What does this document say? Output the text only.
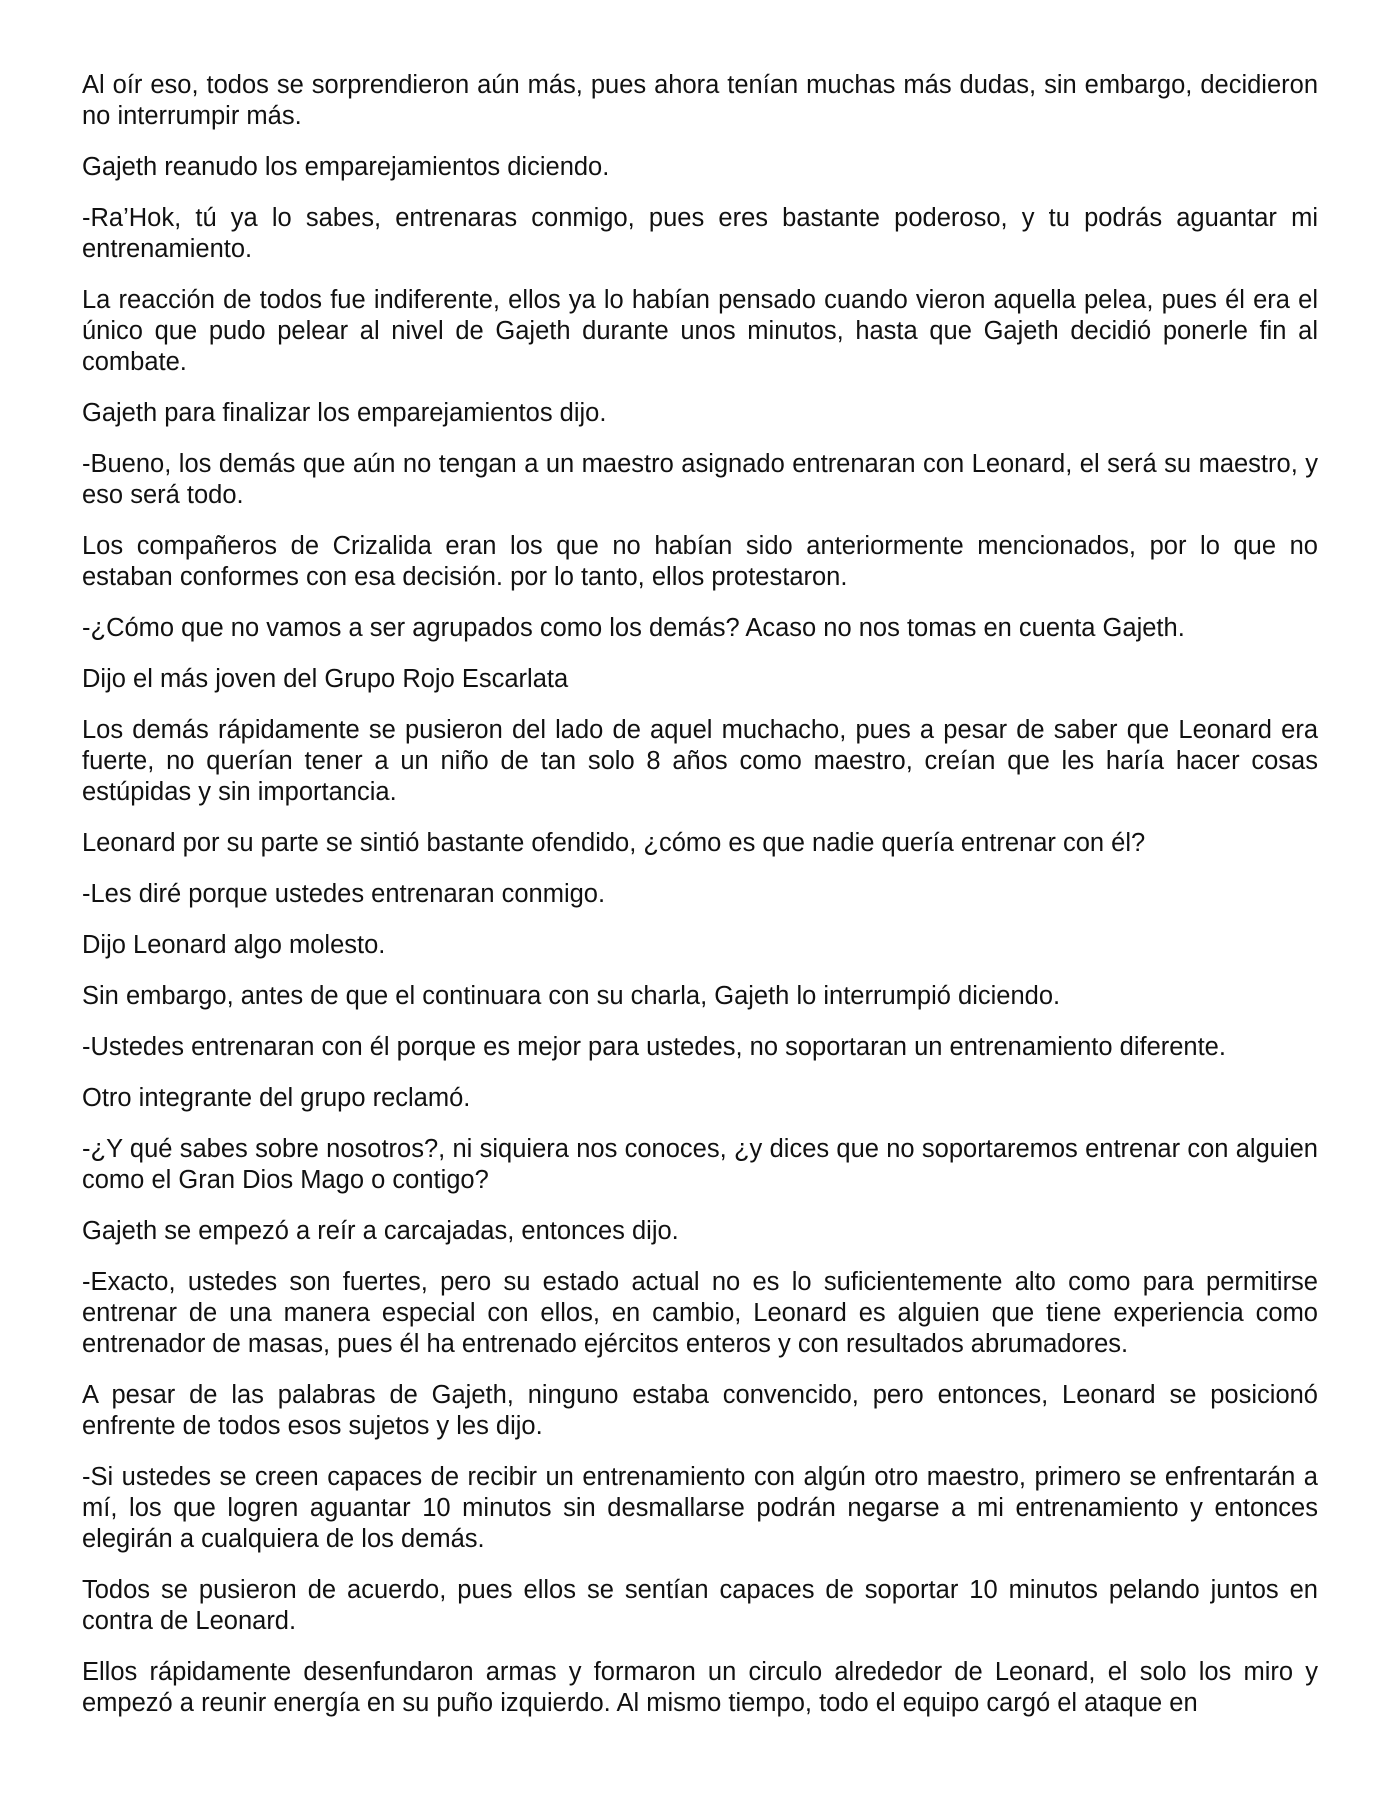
Al oír eso, todos se sorprendieron aún más, pues ahora tenían muchas más dudas, sin embargo, decidieron no interrumpir más.

Gajeth reanudo los emparejamientos diciendo.

-Ra’Hok, tú ya lo sabes, entrenaras conmigo, pues eres bastante poderoso, y tu podrás aguantar mi entrenamiento.

La reacción de todos fue indiferente, ellos ya lo habían pensado cuando vieron aquella pelea, pues él era el único que pudo pelear al nivel de Gajeth durante unos minutos, hasta que Gajeth decidió ponerle fin al combate.

Gajeth para finalizar los emparejamientos dijo.

-Bueno, los demás que aún no tengan a un maestro asignado entrenaran con Leonard, el será su maestro, y eso será todo.

Los compañeros de Crizalida eran los que no habían sido anteriormente mencionados, por lo que no estaban conformes con esa decisión. por lo tanto, ellos protestaron.

-¿Cómo que no vamos a ser agrupados como los demás? Acaso no nos tomas en cuenta Gajeth.

Dijo el más joven del Grupo Rojo Escarlata

Los demás rápidamente se pusieron del lado de aquel muchacho, pues a pesar de saber que Leonard era fuerte, no querían tener a un niño de tan solo 8 años como maestro, creían que les haría hacer cosas estúpidas y sin importancia.

Leonard por su parte se sintió bastante ofendido, ¿cómo es que nadie quería entrenar con él?

-Les diré porque ustedes entrenaran conmigo.

Dijo Leonard algo molesto.

Sin embargo, antes de que el continuara con su charla, Gajeth lo interrumpió diciendo.

-Ustedes entrenaran con él porque es mejor para ustedes, no soportaran un entrenamiento diferente.

Otro integrante del grupo reclamó.

-¿Y qué sabes sobre nosotros?, ni siquiera nos conoces, ¿y dices que no soportaremos entrenar con alguien como el Gran Dios Mago o contigo?

Gajeth se empezó a reír a carcajadas, entonces dijo.

-Exacto, ustedes son fuertes, pero su estado actual no es lo suficientemente alto como para permitirse entrenar de una manera especial con ellos, en cambio, Leonard es alguien que tiene experiencia como entrenador de masas, pues él ha entrenado ejércitos enteros y con resultados abrumadores.

A pesar de las palabras de Gajeth, ninguno estaba convencido, pero entonces, Leonard se posicionó enfrente de todos esos sujetos y les dijo.

-Si ustedes se creen capaces de recibir un entrenamiento con algún otro maestro, primero se enfrentarán a mí, los que logren aguantar 10 minutos sin desmallarse podrán negarse a mi entrenamiento y entonces elegirán a cualquiera de los demás.

Todos se pusieron de acuerdo, pues ellos se sentían capaces de soportar 10 minutos pelando juntos en contra de Leonard.

Ellos rápidamente desenfundaron armas y formaron un circulo alrededor de Leonard, el solo los miro y empezó a reunir energía en su puño izquierdo. Al mismo tiempo, todo el equipo cargó el ataque en
